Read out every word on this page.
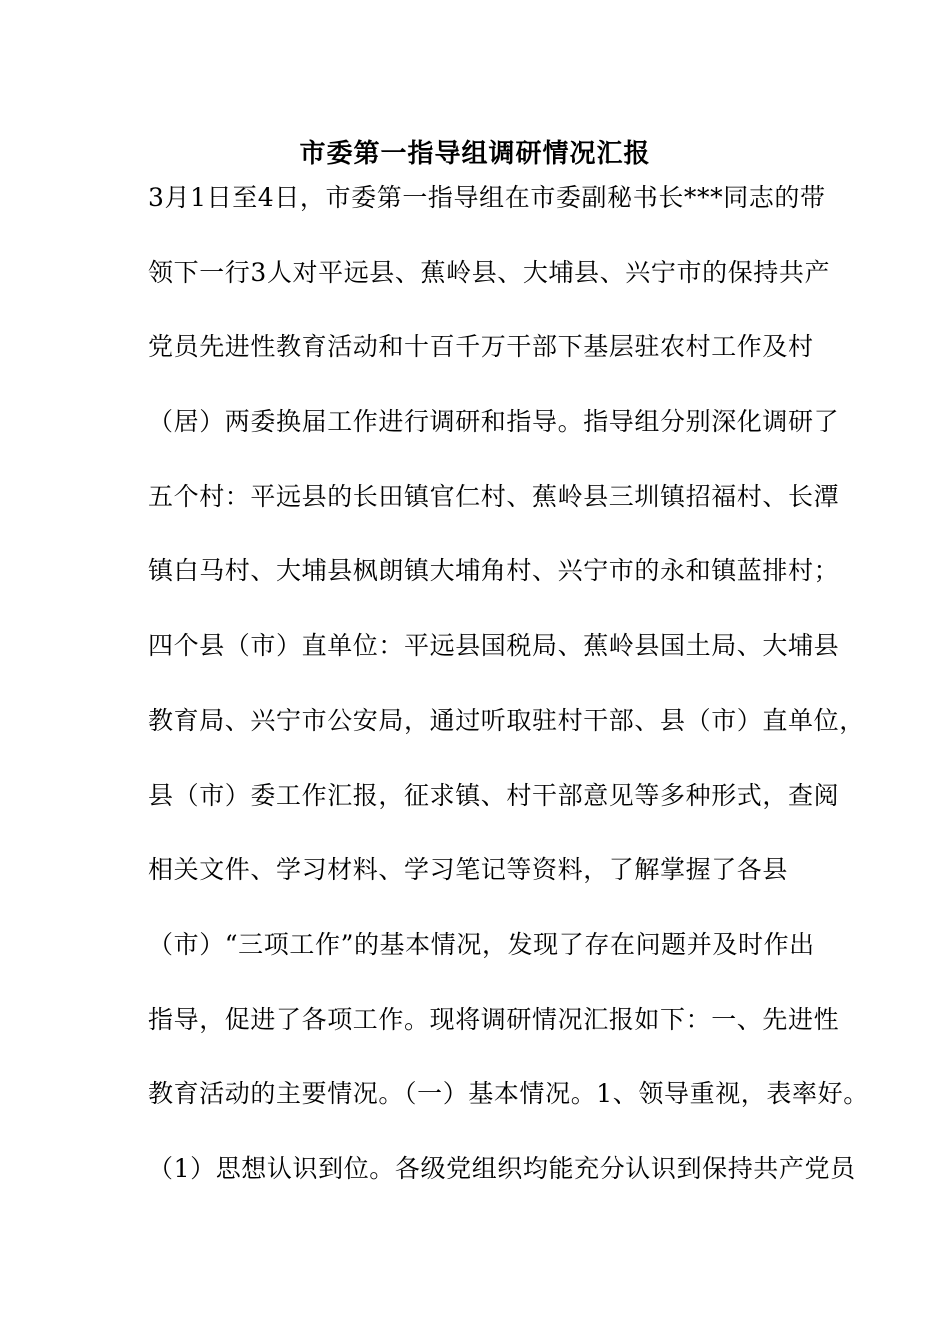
市委第一指导组调研情况汇报
3月1日至4日，市委第一指导组在市委副秘书长***同志的带
领下一行3人对平远县、蕉岭县、大埔县、兴宁市的保持共产
党员先进性教育活动和十百千万干部下基层驻农村工作及村
（居）两委换届工作进行调研和指导。指导组分别深化调研了
五个村：平远县的长田镇官仁村、蕉岭县三圳镇招福村、长潭
镇白马村、大埔县枫朗镇大埔角村、兴宁市的永和镇蓝排村；
四个县（市）直单位：平远县国税局、蕉岭县国土局、大埔县
教育局、兴宁市公安局，通过听取驻村干部、县（市）直单位，
县（市）委工作汇报，征求镇、村干部意见等多种形式，查阅
相关文件、学习材料、学习笔记等资料，了解掌握了各县
（市）“三项工作”的基本情况，发现了存在问题并及时作出
指导，促进了各项工作。现将调研情况汇报如下：一、先进性
教育活动的主要情况。（一）基本情况。1、领导重视，表率好。
（1）思想认识到位。各级党组织均能充分认识到保持共产党员
